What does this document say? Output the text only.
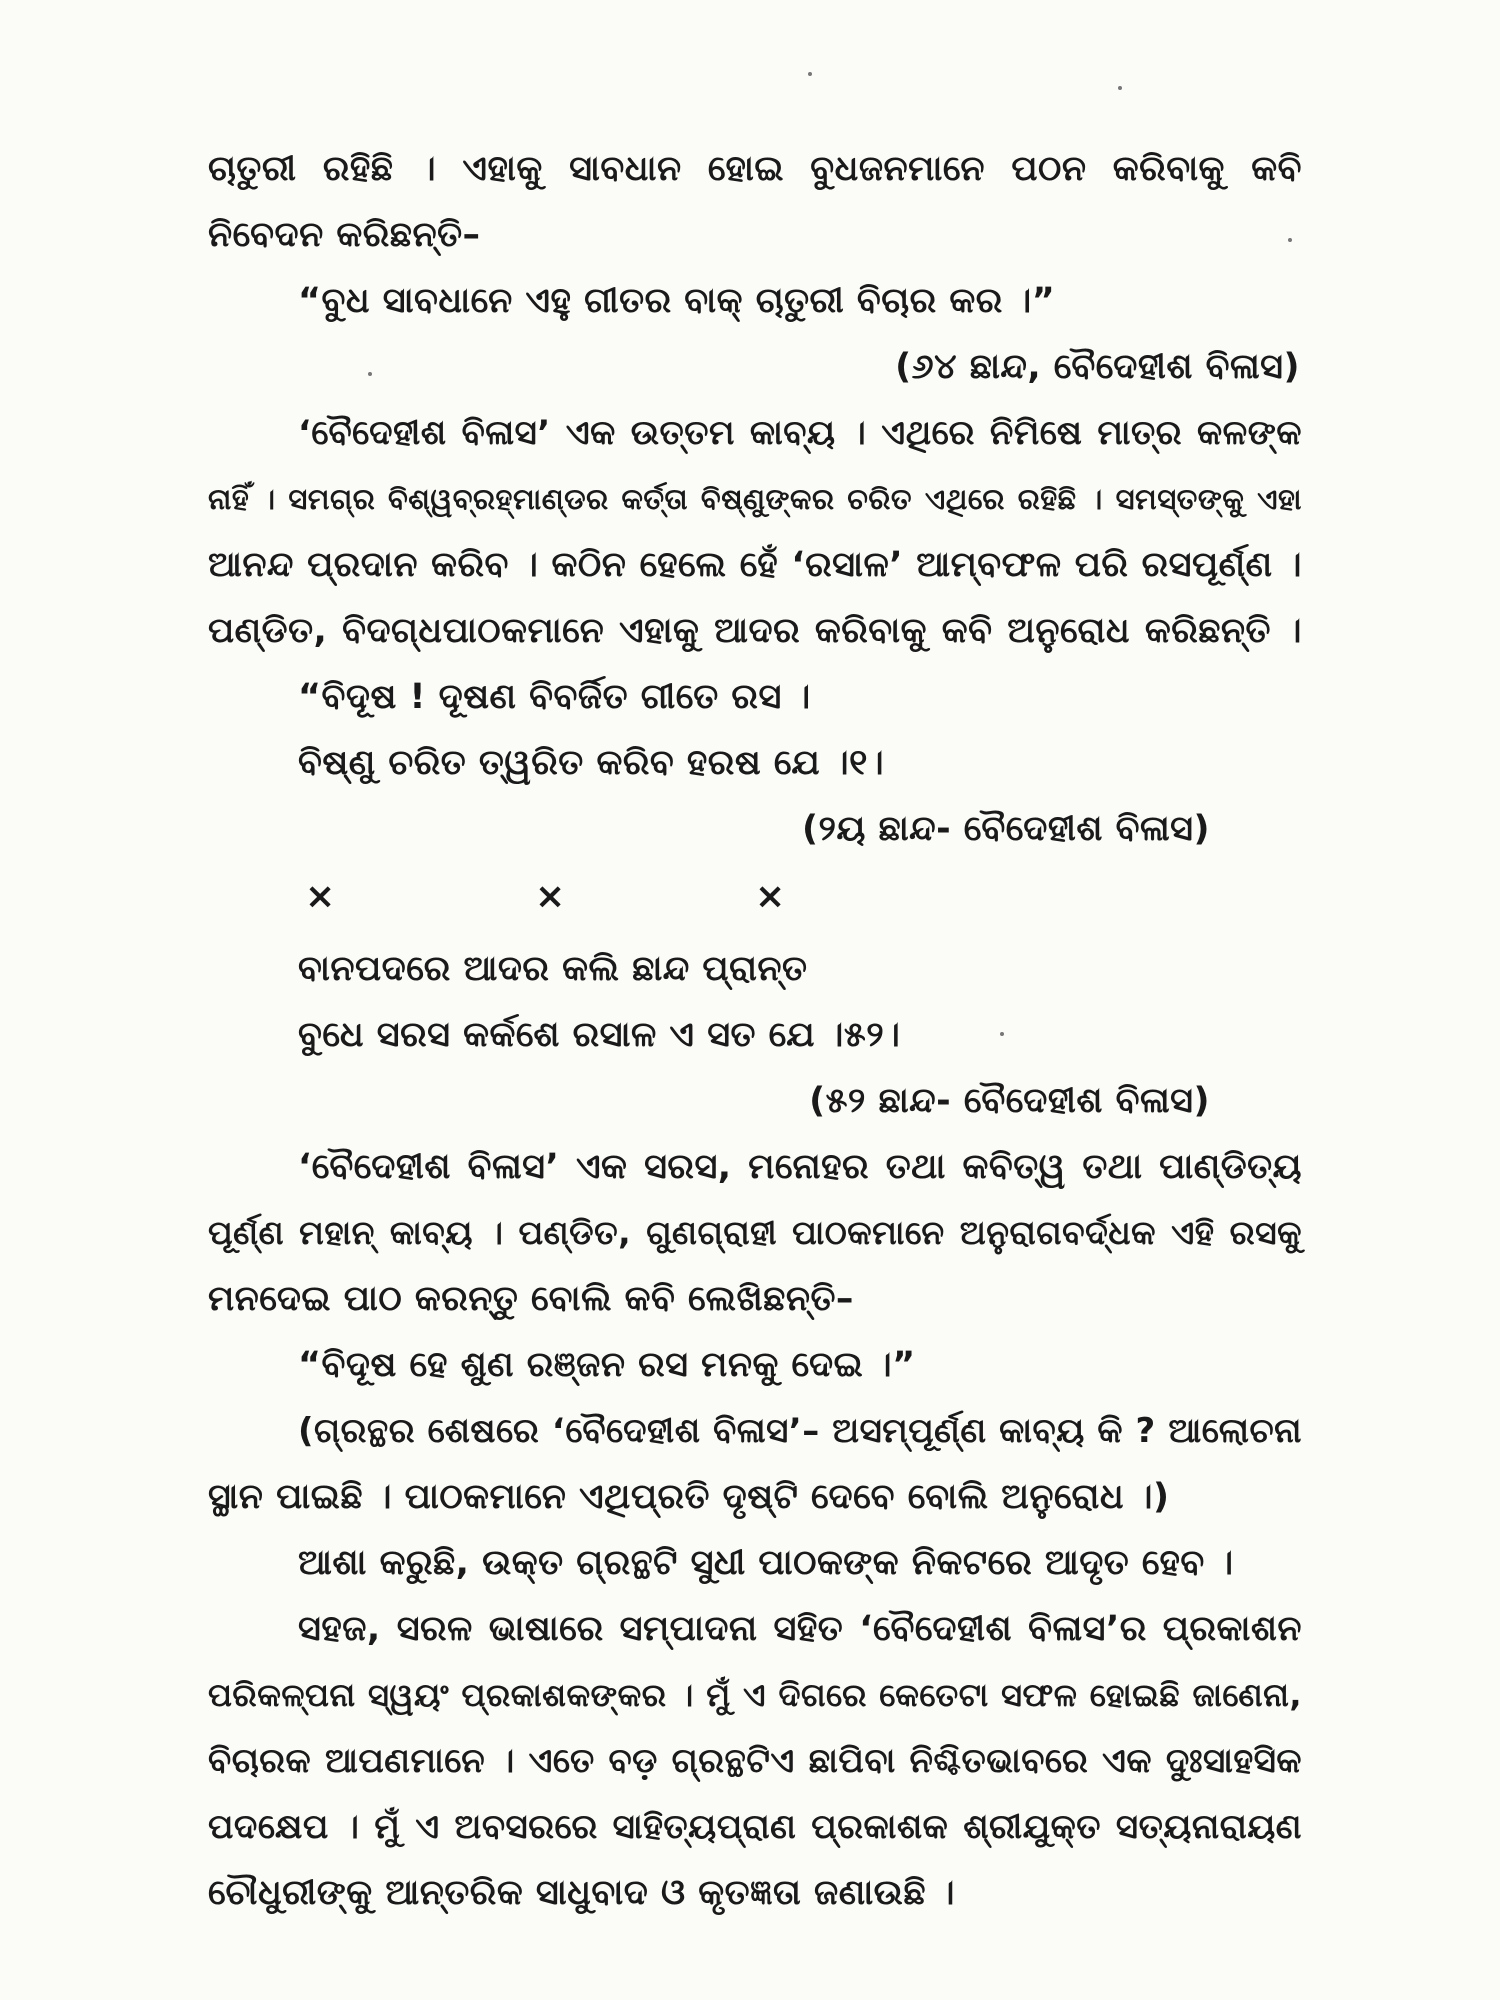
ଚାତୁରୀ ରହିଛି । ଏହାକୁ ସାବଧାନ ହୋଇ ବୁଧଜନମାନେ ପଠନ କରିବାକୁ କବି
ନିବେଦନ କରିଛନ୍ତି–
“ବୁଧ ସାବଧାନେ ଏହୁ ଗୀତର ବାକ୍ ଚାତୁରୀ ବିଚାର କର ।”
(୬୪ ଛାନ୍ଦ, ବୈଦେହୀଶ ବିଳାସ)
‘ବୈଦେହୀଶ ବିଳାସ’ ଏକ ଉତ୍ତମ କାବ୍ୟ । ଏଥିରେ ନିମିଷେ ମାତ୍ର କଳଙ୍କ
ନାହିଁ । ସମଗ୍ର ବିଶ୍ୱବ୍ରହ୍ମାଣ୍ଡର କର୍ତ୍ତା ବିଷ୍ଣୁଙ୍କର ଚରିତ ଏଥିରେ ରହିଛି । ସମସ୍ତଙ୍କୁ ଏହା
ଆନନ୍ଦ ପ୍ରଦାନ କରିବ । କଠିନ ହେଲେ ହେଁ ‘ରସାଳ’ ଆମ୍ବଫଳ ପରି ରସପୂର୍ଣ୍ଣ ।
ପଣ୍ଡିତ, ବିଦଗ୍ଧପାଠକମାନେ ଏହାକୁ ଆଦର କରିବାକୁ କବି ଅନୁରୋଧ କରିଛନ୍ତି ।
“ବିଦୂଷ ! ଦୂଷଣ ବିବର୍ଜିତ ଗୀତେ ରସ ।
ବିଷ୍ଣୁ ଚରିତ ତ୍ୱରିତ କରିବ ହରଷ ଯେ ।୧।
(୨ୟ ଛାନ୍ଦ- ବୈଦେହୀଶ ବିଳାସ)
×	×	×
ବାନପଦରେ ଆଦର କଲି ଛାନ୍ଦ ପ୍ରାନ୍ତ
ବୁଧେ ସରସ କର୍କଶେ ରସାଳ ଏ ସତ ଯେ ।୫୨।
(୫୨ ଛାନ୍ଦ- ବୈଦେହୀଶ ବିଳାସ)
‘ବୈଦେହୀଶ ବିଳାସ’ ଏକ ସରସ, ମନୋହର ତଥା କବିତ୍ୱ ତଥା ପାଣ୍ଡିତ୍ୟ
ପୂର୍ଣ୍ଣ ମହାନ୍ କାବ୍ୟ । ପଣ୍ଡିତ, ଗୁଣଗ୍ରାହୀ ପାଠକମାନେ ଅନୁରାଗବର୍ଦ୍ଧକ ଏହି ରସକୁ
ମନଦେଇ ପାଠ କରନ୍ତୁ ବୋଲି କବି ଲେଖିଛନ୍ତି–
“ବିଦୂଷ ହେ ଶୁଣ ରଞ୍ଜନ ରସ ମନକୁ ଦେଇ ।”
(ଗ୍ରନ୍ଥର ଶେଷରେ ‘ବୈଦେହୀଶ ବିଳାସ’– ଅସମ୍ପୂର୍ଣ୍ଣ କାବ୍ୟ କି ? ଆଲୋଚନା
ସ୍ଥାନ ପାଇଛି । ପାଠକମାନେ ଏଥିପ୍ରତି ଦୃଷ୍ଟି ଦେବେ ବୋଲି ଅନୁରୋଧ ।)
ଆଶା କରୁଛି, ଉକ୍ତ ଗ୍ରନ୍ଥଟି ସୁଧୀ ପାଠକଙ୍କ ନିକଟରେ ଆଦୃତ ହେବ ।
ସହଜ, ସରଳ ଭାଷାରେ ସମ୍ପାଦନା ସହିତ ‘ବୈଦେହୀଶ ବିଳାସ’ର ପ୍ରକାଶନ
ପରିକଳ୍ପନା ସ୍ୱୟଂ ପ୍ରକାଶକଙ୍କର । ମୁଁ ଏ ଦିଗରେ କେତେଟା ସଫଳ ହୋଇଛି ଜାଣେନା,
ବିଚାରକ ଆପଣମାନେ । ଏତେ ବଡ଼ ଗ୍ରନ୍ଥଟିଏ ଛାପିବା ନିଶ୍ଚିତଭାବରେ ଏକ ଦୁଃସାହସିକ
ପଦକ୍ଷେପ । ମୁଁ ଏ ଅବସରରେ ସାହିତ୍ୟପ୍ରାଣ ପ୍ରକାଶକ ଶ୍ରୀଯୁକ୍ତ ସତ୍ୟନାରାୟଣ
ଚୌଧୁରୀଙ୍କୁ ଆନ୍ତରିକ ସାଧୁବାଦ ଓ କୃତଜ୍ଞତା ଜଣାଉଛି ।
